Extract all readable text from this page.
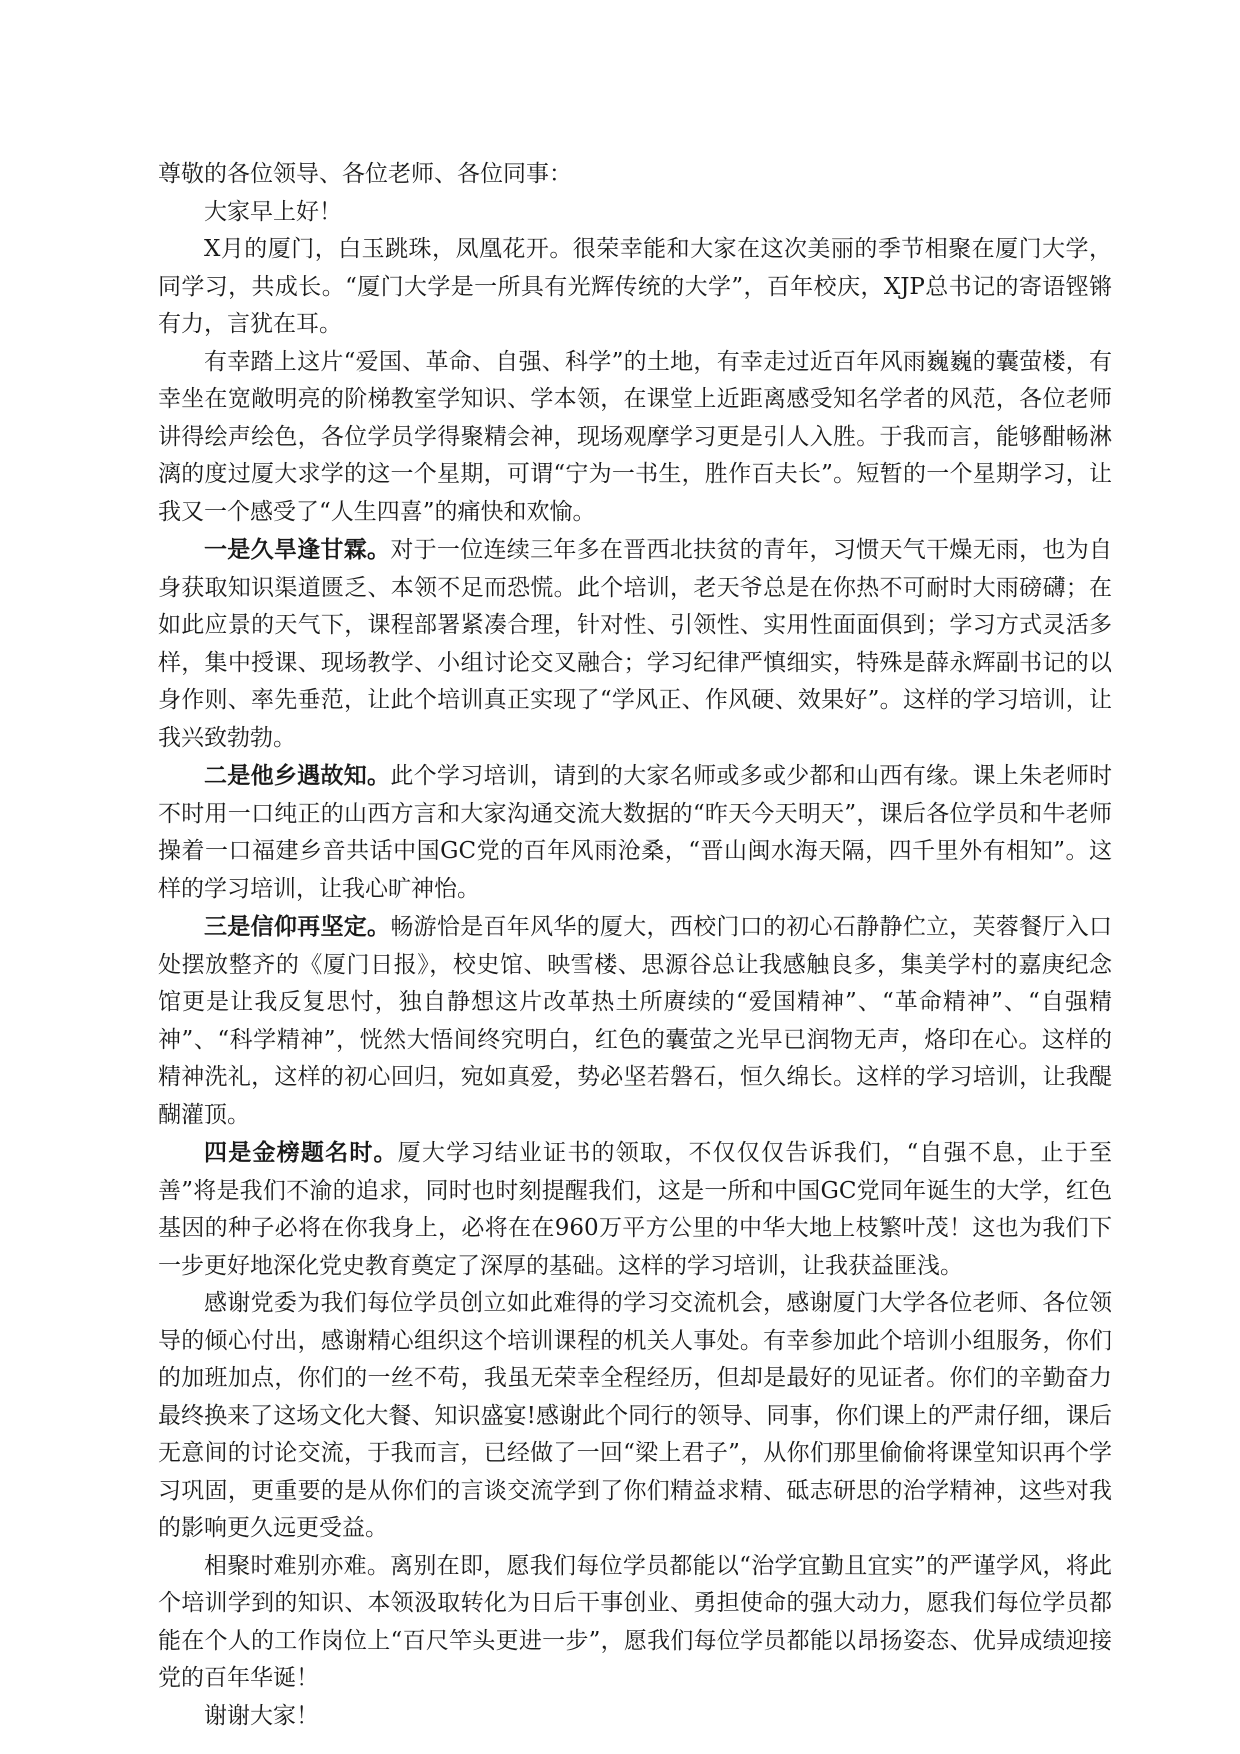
尊敬的各位领导、各位老师、各位同事：

大家早上好！

X月的厦门，白玉跳珠，凤凰花开。很荣幸能和大家在这次美丽的季节相聚在厦门大学，同学习，共成长。“厦门大学是一所具有光辉传统的大学”，百年校庆，XJP总书记的寄语铿锵有力，言犹在耳。

有幸踏上这片“爱国、革命、自强、科学”的土地，有幸走过近百年风雨巍巍的囊萤楼，有幸坐在宽敞明亮的阶梯教室学知识、学本领，在课堂上近距离感受知名学者的风范，各位老师讲得绘声绘色，各位学员学得聚精会神，现场观摩学习更是引人入胜。于我而言，能够酣畅淋漓的度过厦大求学的这一个星期，可谓“宁为一书生，胜作百夫长”。短暂的一个星期学习，让我又一个感受了“人生四喜”的痛快和欢愉。

一是久旱逢甘霖。对于一位连续三年多在晋西北扶贫的青年，习惯天气干燥无雨，也为自身获取知识渠道匮乏、本领不足而恐慌。此个培训，老天爷总是在你热不可耐时大雨磅礴；在如此应景的天气下，课程部署紧凑合理，针对性、引领性、实用性面面俱到；学习方式灵活多样，集中授课、现场教学、小组讨论交叉融合；学习纪律严慎细实，特殊是薛永辉副书记的以身作则、率先垂范，让此个培训真正实现了“学风正、作风硬、效果好”。这样的学习培训，让我兴致勃勃。

二是他乡遇故知。此个学习培训，请到的大家名师或多或少都和山西有缘。课上朱老师时不时用一口纯正的山西方言和大家沟通交流大数据的“昨天今天明天”，课后各位学员和牛老师操着一口福建乡音共话中国GC党的百年风雨沧桑，“晋山闽水海天隔，四千里外有相知”。这样的学习培训，让我心旷神怡。

三是信仰再坚定。畅游恰是百年风华的厦大，西校门口的初心石静静伫立，芙蓉餐厅入口处摆放整齐的《厦门日报》，校史馆、映雪楼、思源谷总让我感触良多，集美学村的嘉庚纪念馆更是让我反复思忖，独自静想这片改革热土所赓续的“爱国精神”、“革命精神”、“自强精神”、“科学精神”，恍然大悟间终究明白，红色的囊萤之光早已润物无声，烙印在心。这样的精神洗礼，这样的初心回归，宛如真爱，势必坚若磐石，恒久绵长。这样的学习培训，让我醍醐灌顶。

四是金榜题名时。厦大学习结业证书的领取，不仅仅仅告诉我们，“自强不息，止于至善”将是我们不渝的追求，同时也时刻提醒我们，这是一所和中国GC党同年诞生的大学，红色基因的种子必将在你我身上，必将在在960万平方公里的中华大地上枝繁叶茂！这也为我们下一步更好地深化党史教育奠定了深厚的基础。这样的学习培训，让我获益匪浅。

感谢党委为我们每位学员创立如此难得的学习交流机会，感谢厦门大学各位老师、各位领导的倾心付出，感谢精心组织这个培训课程的机关人事处。有幸参加此个培训小组服务，你们的加班加点，你们的一丝不苟，我虽无荣幸全程经历，但却是最好的见证者。你们的辛勤奋力最终换来了这场文化大餐、知识盛宴!感谢此个同行的领导、同事，你们课上的严肃仔细，课后无意间的讨论交流，于我而言，已经做了一回“梁上君子”，从你们那里偷偷将课堂知识再个学习巩固，更重要的是从你们的言谈交流学到了你们精益求精、砥志研思的治学精神，这些对我的影响更久远更受益。

相聚时难别亦难。离别在即，愿我们每位学员都能以“治学宜勤且宜实”的严谨学风，将此个培训学到的知识、本领汲取转化为日后干事创业、勇担使命的强大动力，愿我们每位学员都能在个人的工作岗位上“百尺竿头更进一步”，愿我们每位学员都能以昂扬姿态、优异成绩迎接党的百年华诞！

谢谢大家！
